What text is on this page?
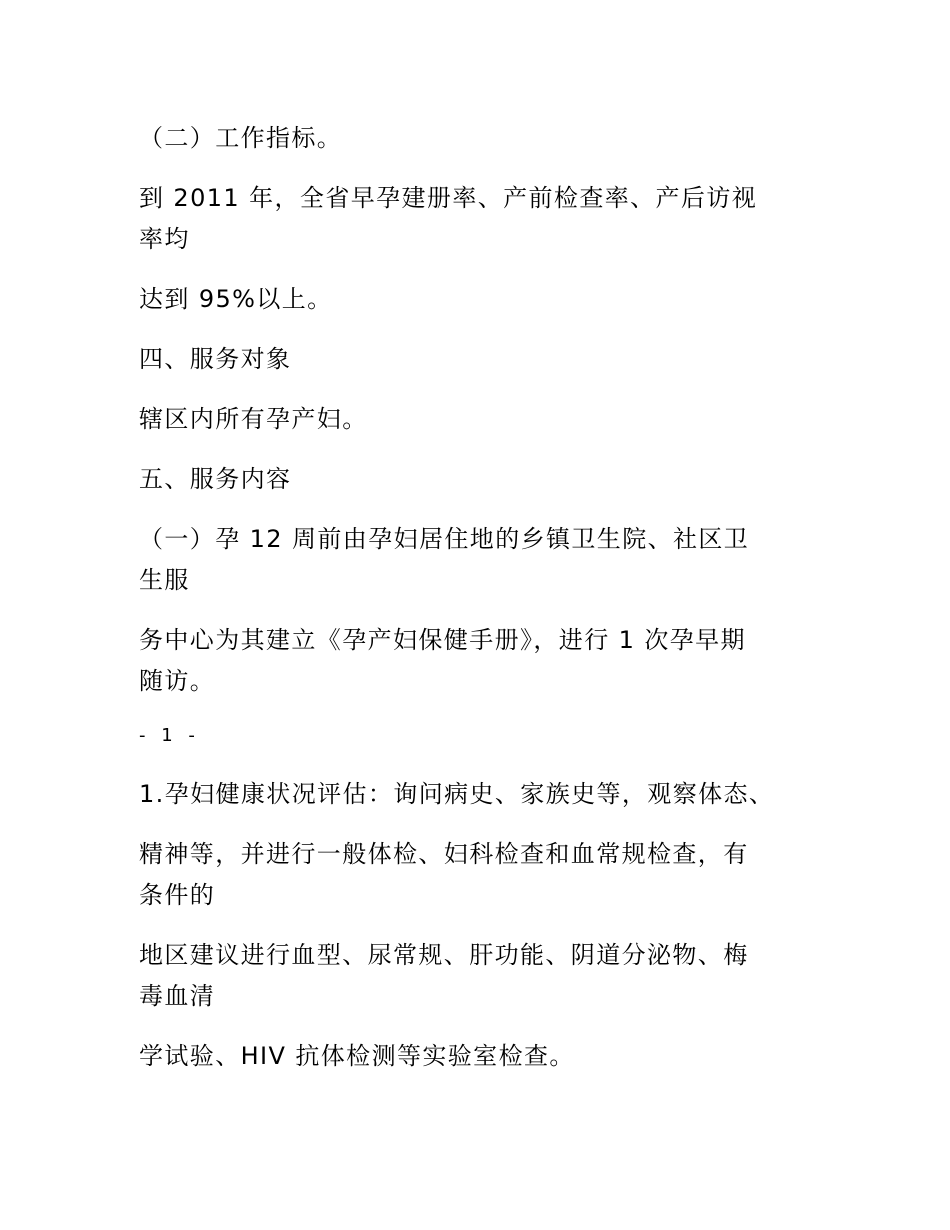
（二）工作指标。
到 2011 年，全省早孕建册率、产前检查率、产后访视
率均
达到 95%以上。
四、服务对象
辖区内所有孕产妇。
五、服务内容
（一）孕 12 周前由孕妇居住地的乡镇卫生院、社区卫
生服
务中心为其建立《孕产妇保健手册》，进行 1 次孕早期
随访。
- 1 -
1.孕妇健康状况评估：询问病史、家族史等，观察体态、
精神等，并进行一般体检、妇科检查和血常规检查，有
条件的
地区建议进行血型、尿常规、肝功能、阴道分泌物、梅
毒血清
学试验、HIV 抗体检测等实验室检查。
